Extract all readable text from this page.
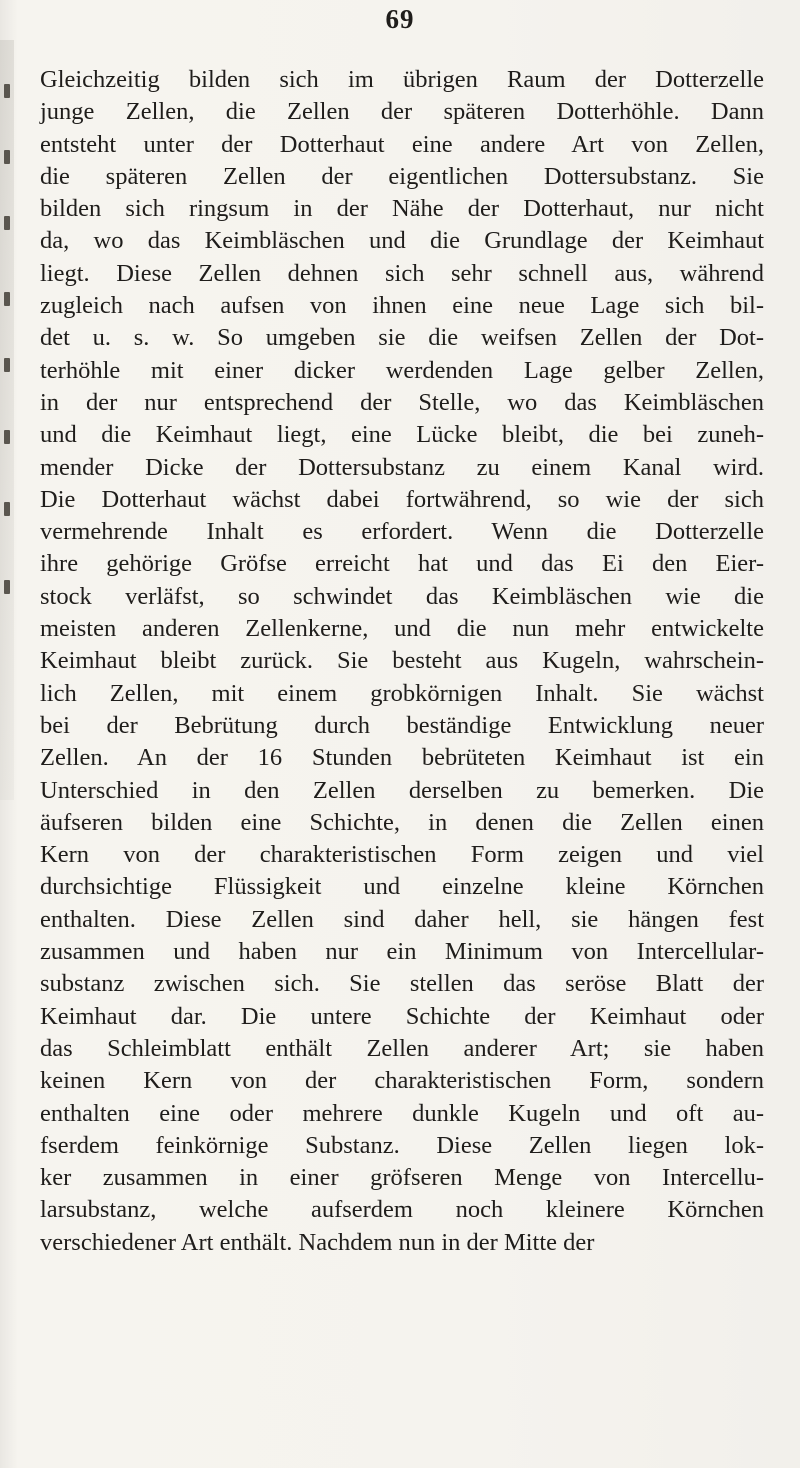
69
Gleichzeitig bilden sich im übrigen Raum der Dotterzelle
junge Zellen, die Zellen der späteren Dotterhöhle. Dann
entsteht unter der Dotterhaut eine andere Art von Zellen,
die späteren Zellen der eigentlichen Dottersubstanz. Sie
bilden sich ringsum in der Nähe der Dotterhaut, nur nicht
da, wo das Keimbläschen und die Grundlage der Keimhaut
liegt. Diese Zellen dehnen sich sehr schnell aus, während
zugleich nach aufsen von ihnen eine neue Lage sich bil-
det u. s. w. So umgeben sie die weifsen Zellen der Dot-
terhöhle mit einer dicker werdenden Lage gelber Zellen,
in der nur entsprechend der Stelle, wo das Keimbläschen
und die Keimhaut liegt, eine Lücke bleibt, die bei zuneh-
mender Dicke der Dottersubstanz zu einem Kanal wird.
Die Dotterhaut wächst dabei fortwährend, so wie der sich
vermehrende Inhalt es erfordert. Wenn die Dotterzelle
ihre gehörige Gröfse erreicht hat und das Ei den Eier-
stock verläfst, so schwindet das Keimbläschen wie die
meisten anderen Zellenkerne, und die nun mehr entwickelte
Keimhaut bleibt zurück. Sie besteht aus Kugeln, wahrschein-
lich Zellen, mit einem grobkörnigen Inhalt. Sie wächst
bei der Bebrütung durch beständige Entwicklung neuer
Zellen. An der 16 Stunden bebrüteten Keimhaut ist ein
Unterschied in den Zellen derselben zu bemerken. Die
äufseren bilden eine Schichte, in denen die Zellen einen
Kern von der charakteristischen Form zeigen und viel
durchsichtige Flüssigkeit und einzelne kleine Körnchen
enthalten. Diese Zellen sind daher hell, sie hängen fest
zusammen und haben nur ein Minimum von Intercellular-
substanz zwischen sich. Sie stellen das seröse Blatt der
Keimhaut dar. Die untere Schichte der Keimhaut oder
das Schleimblatt enthält Zellen anderer Art; sie haben
keinen Kern von der charakteristischen Form, sondern
enthalten eine oder mehrere dunkle Kugeln und oft au-
fserdem feinkörnige Substanz. Diese Zellen liegen lok-
ker zusammen in einer gröfseren Menge von Intercellu-
larsubstanz, welche aufserdem noch kleinere Körnchen
verschiedener Art enthält. Nachdem nun in der Mitte der
